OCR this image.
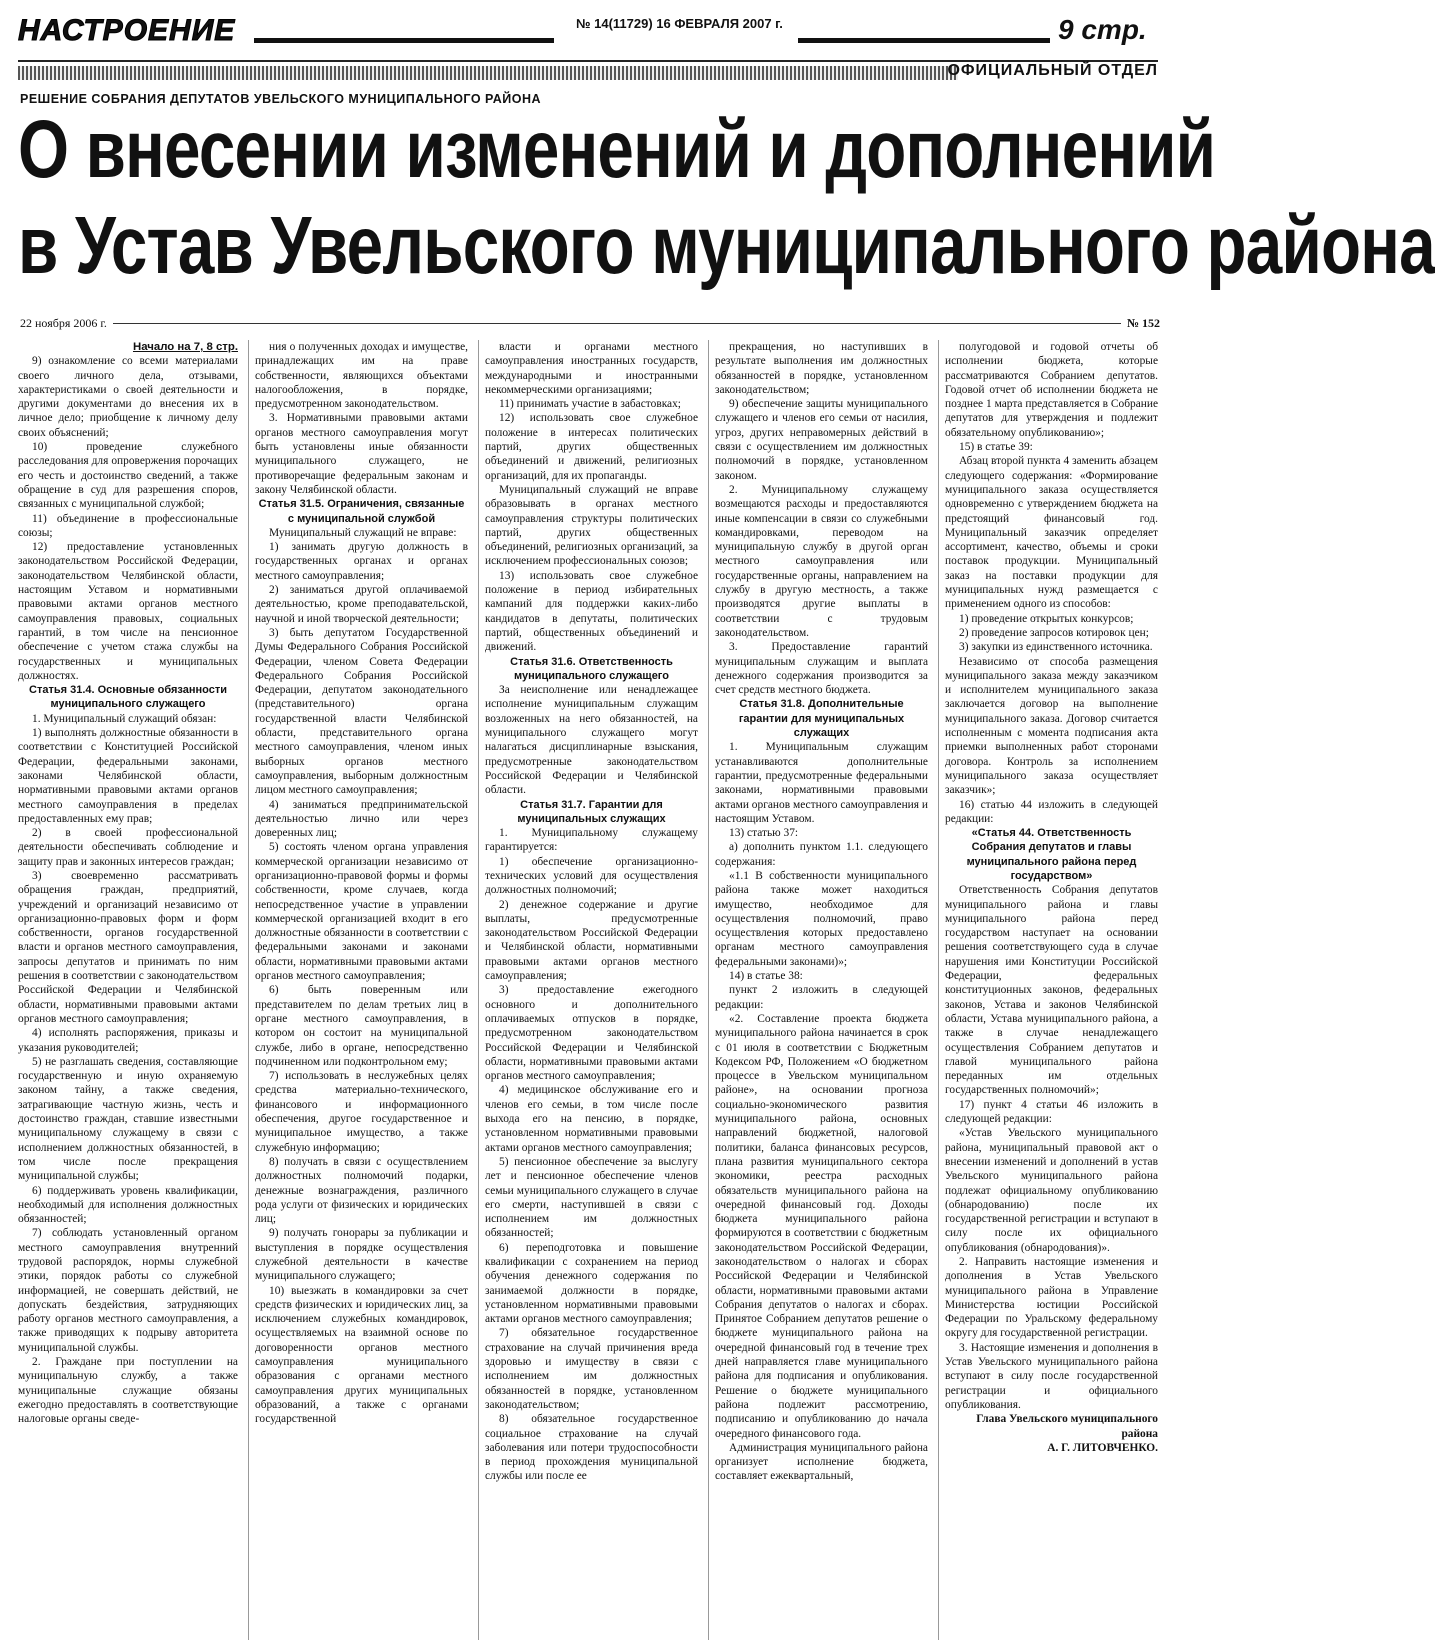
НАСТРОЕНИЕ	№ 14(11729) 16 ФЕВРАЛЯ 2007 г.	9 стр.
ОФИЦИАЛЬНЫЙ ОТДЕЛ
РЕШЕНИЕ СОБРАНИЯ ДЕПУТАТОВ УВЕЛЬСКОГО МУНИЦИПАЛЬНОГО РАЙОНА
О внесении изменений и дополнений
в Устав Увельского муниципального района
22 ноября 2006 г.	№ 152

Начало на 7, 8 стр.

9) ознакомление со всеми материалами своего личного дела, отзывами, характеристиками о своей деятельности и другими документами до внесения их в личное дело; приобщение к личному делу своих объяснений;

10) проведение служебного расследования для опровержения порочащих его честь и достоинство сведений, а также обращение в суд для разрешения споров, связанных с муниципальной службой;

11) объединение в профессиональные союзы;

12) предоставление установленных законодательством Российской Федерации, законодательством Челябинской области, настоящим Уставом и нормативными правовыми актами органов местного самоуправления правовых, социальных гарантий, в том числе на пенсионное обеспечение с учетом стажа службы на государственных и муниципальных должностях.

Статья 31.4. Основные обязанности муниципального служащего

1. Муниципальный служащий обязан:

1) выполнять должностные обязанности в соответствии с Конституцией Российской Федерации, федеральными законами, законами Челябинской области, нормативными правовыми актами органов местного самоуправления в пределах предоставленных ему прав;

2) в своей профессиональной деятельности обеспечивать соблюдение и защиту прав и законных интересов граждан;

3) своевременно рассматривать обращения граждан, предприятий, учреждений и организаций независимо от организационно-правовых форм и форм собственности, органов государственной власти и органов местного самоуправления, запросы депутатов и принимать по ним решения в соответствии с законодательством Российской Федерации и Челябинской области, нормативными правовыми актами органов местного самоуправления;

4) исполнять распоряжения, приказы и указания руководителей;

5) не разглашать сведения, составляющие государственную и иную охраняемую законом тайну, а также сведения, затрагивающие частную жизнь, честь и достоинство граждан, ставшие известными муниципальному служащему в связи с исполнением должностных обязанностей, в том числе после прекращения муниципальной службы;

6) поддерживать уровень квалификации, необходимый для исполнения должностных обязанностей;

7) соблюдать установленный органом местного самоуправления внутренний трудовой распорядок, нормы служебной этики, порядок работы со служебной информацией, не совершать действий, не допускать бездействия, затрудняющих работу органов местного самоуправления, а также приводящих к подрыву авторитета муниципальной службы.

2. Граждане при поступлении на муниципальную службу, а также муниципальные служащие обязаны ежегодно предоставлять в соответствующие налоговые органы сведе-

ния о полученных доходах и имуществе, принадлежащих им на праве собственности, являющихся объектами налогообложения, в порядке, предусмотренном законодательством.

3. Нормативными правовыми актами органов местного самоуправления могут быть установлены иные обязанности муниципального служащего, не противоречащие федеральным законам и закону Челябинской области.

Статья 31.5. Ограничения, связанные с муниципальной службой

Муниципальный служащий не вправе:

1) занимать другую должность в государственных органах и органах местного самоуправления;

2) заниматься другой оплачиваемой деятельностью, кроме преподавательской, научной и иной творческой деятельности;

3) быть депутатом Государственной Думы Федерального Собрания Российской Федерации, членом Совета Федерации Федерального Собрания Российской Федерации, депутатом законодательного (представительного) органа государственной власти Челябинской области, представительного органа местного самоуправления, членом иных выборных органов местного самоуправления, выборным должностным лицом местного самоуправления;

4) заниматься предпринимательской деятельностью лично или через доверенных лиц;

5) состоять членом органа управления коммерческой организации независимо от организационно-правовой формы и формы собственности, кроме случаев, когда непосредственное участие в управлении коммерческой организацией входит в его должностные обязанности в соответствии с федеральными законами и законами области, нормативными правовыми актами органов местного самоуправления;

6) быть поверенным или представителем по делам третьих лиц в органе местного самоуправления, в котором он состоит на муниципальной службе, либо в органе, непосредственно подчиненном или подконтрольном ему;

7) использовать в неслужебных целях средства материально-технического, финансового и информационного обеспечения, другое государственное и муниципальное имущество, а также служебную информацию;

8) получать в связи с осуществлением должностных полномочий подарки, денежные вознаграждения, различного рода услуги от физических и юридических лиц;

9) получать гонорары за публикации и выступления в порядке осуществления служебной деятельности в качестве муниципального служащего;

10) выезжать в командировки за счет средств физических и юридических лиц, за исключением служебных командировок, осуществляемых на взаимной основе по договоренности органов местного самоуправления муниципального образования с органами местного самоуправления других муниципальных образований, а также с органами государственной

власти и органами местного самоуправления иностранных государств, международными и иностранными некоммерческими организациями;

11) принимать участие в забастовках;

12) использовать свое служебное положение в интересах политических партий, других общественных объединений и движений, религиозных организаций, для их пропаганды.

Муниципальный служащий не вправе образовывать в органах местного самоуправления структуры политических партий, других общественных объединений, религиозных организаций, за исключением профессиональных союзов;

13) использовать свое служебное положение в период избирательных кампаний для поддержки каких-либо кандидатов в депутаты, политических партий, общественных объединений и движений.

Статья 31.6. Ответственность муниципального служащего

За неисполнение или ненадлежащее исполнение муниципальным служащим возложенных на него обязанностей, на муниципального служащего могут налагаться дисциплинарные взыскания, предусмотренные законодательством Российской Федерации и Челябинской области.

Статья 31.7. Гарантии для муниципальных служащих

1. Муниципальному служащему гарантируется:

1) обеспечение организационно-технических условий для осуществления должностных полномочий;

2) денежное содержание и другие выплаты, предусмотренные законодательством Российской Федерации и Челябинской области, нормативными правовыми актами органов местного самоуправления;

3) предоставление ежегодного основного и дополнительного оплачиваемых отпусков в порядке, предусмотренном законодательством Российской Федерации и Челябинской области, нормативными правовыми актами органов местного самоуправления;

4) медицинское обслуживание его и членов его семьи, в том числе после выхода его на пенсию, в порядке, установленном нормативными правовыми актами органов местного самоуправления;

5) пенсионное обеспечение за выслугу лет и пенсионное обеспечение членов семьи муниципального служащего в случае его смерти, наступившей в связи с исполнением им должностных обязанностей;

6) переподготовка и повышение квалификации с сохранением на период обучения денежного содержания по занимаемой должности в порядке, установленном нормативными правовыми актами органов местного самоуправления;

7) обязательное государственное страхование на случай причинения вреда здоровью и имуществу в связи с исполнением им должностных обязанностей в порядке, установленном законодательством;

8) обязательное государственное социальное страхование на случай заболевания или потери трудоспособности в период прохождения муниципальной службы или после ее

прекращения, но наступивших в результате выполнения им должностных обязанностей в порядке, установленном законодательством;

9) обеспечение защиты муниципального служащего и членов его семьи от насилия, угроз, других неправомерных действий в связи с осуществлением им должностных полномочий в порядке, установленном законом.

2. Муниципальному служащему возмещаются расходы и предоставляются иные компенсации в связи со служебными командировками, переводом на муниципальную службу в другой орган местного самоуправления или государственные органы, направлением на службу в другую местность, а также производятся другие выплаты в соответствии с трудовым законодательством.

3. Предоставление гарантий муниципальным служащим и выплата денежного содержания производится за счет средств местного бюджета.

Статья 31.8. Дополнительные гарантии для муниципальных служащих

1. Муниципальным служащим устанавливаются дополнительные гарантии, предусмотренные федеральными законами, нормативными правовыми актами органов местного самоуправления и настоящим Уставом.

13) статью 37:

а) дополнить пунктом 1.1. следующего содержания:

«1.1 В собственности муниципального района также может находиться имущество, необходимое для осуществления полномочий, право осуществления которых предоставлено органам местного самоуправления федеральными законами)»;

14) в статье 38:

пункт 2 изложить в следующей редакции:

«2. Составление проекта бюджета муниципального района начинается в срок с 01 июля в соответствии с Бюджетным Кодексом РФ, Положением «О бюджетном процессе в Увельском муниципальном районе», на основании прогноза социально-экономического развития муниципального района, основных направлений бюджетной, налоговой политики, баланса финансовых ресурсов, плана развития муниципального сектора экономики, реестра расходных обязательств муниципального района на очередной финансовый год. Доходы бюджета муниципального района формируются в соответствии с бюджетным законодательством Российской Федерации, законодательством о налогах и сборах Российской Федерации и Челябинской области, нормативными правовыми актами Собрания депутатов о налогах и сборах. Принятое Собранием депутатов решение о бюджете муниципального района на очередной финансовый год в течение трех дней направляется главе муниципального района для подписания и опубликования. Решение о бюджете муниципального района подлежит рассмотрению, подписанию и опубликованию до начала очередного финансового года.

Администрация муниципального района организует исполнение бюджета, составляет ежеквартальный,

полугодовой и годовой отчеты об исполнении бюджета, которые рассматриваются Собранием депутатов. Годовой отчет об исполнении бюджета не позднее 1 марта представляется в Собрание депутатов для утверждения и подлежит обязательному опубликованию»;

15) в статье 39:

Абзац второй пункта 4 заменить абзацем следующего содержания: «Формирование муниципального заказа осуществляется одновременно с утверждением бюджета на предстоящий финансовый год. Муниципальный заказчик определяет ассортимент, качество, объемы и сроки поставок продукции. Муниципальный заказ на поставки продукции для муниципальных нужд размещается с применением одного из способов:

1) проведение открытых конкурсов;

2) проведение запросов котировок цен;

3) закупки из единственного источника.

Независимо от способа размещения муниципального заказа между заказчиком и исполнителем муниципального заказа заключается договор на выполнение муниципального заказа. Договор считается исполненным с момента подписания акта приемки выполненных работ сторонами договора. Контроль за исполнением муниципального заказа осуществляет заказчик»;

16) статью 44 изложить в следующей редакции:

«Статья 44. Ответственность Собрания депутатов и главы муниципального района перед государством»

Ответственность Собрания депутатов муниципального района и главы муниципального района перед государством наступает на основании решения соответствующего суда в случае нарушения ими Конституции Российской Федерации, федеральных конституционных законов, федеральных законов, Устава и законов Челябинской области, Устава муниципального района, а также в случае ненадлежащего осуществления Собранием депутатов и главой муниципального района переданных им отдельных государственных полномочий»;

17) пункт 4 статьи 46 изложить в следующей редакции:

«Устав Увельского муниципального района, муниципальный правовой акт о внесении изменений и дополнений в устав Увельского муниципального района подлежат официальному опубликованию (обнародованию) после их государственной регистрации и вступают в силу после их официального опубликования (обнародования)».

2. Направить настоящие изменения и дополнения в Устав Увельского муниципального района в Управление Министерства юстиции Российской Федерации по Уральскому федеральному округу для государственной регистрации.

3. Настоящие изменения и дополнения в Устав Увельского муниципального района вступают в силу после государственной регистрации и официального опубликования.

Глава Увельского муниципального района

А. Г. ЛИТОВЧЕНКО.
